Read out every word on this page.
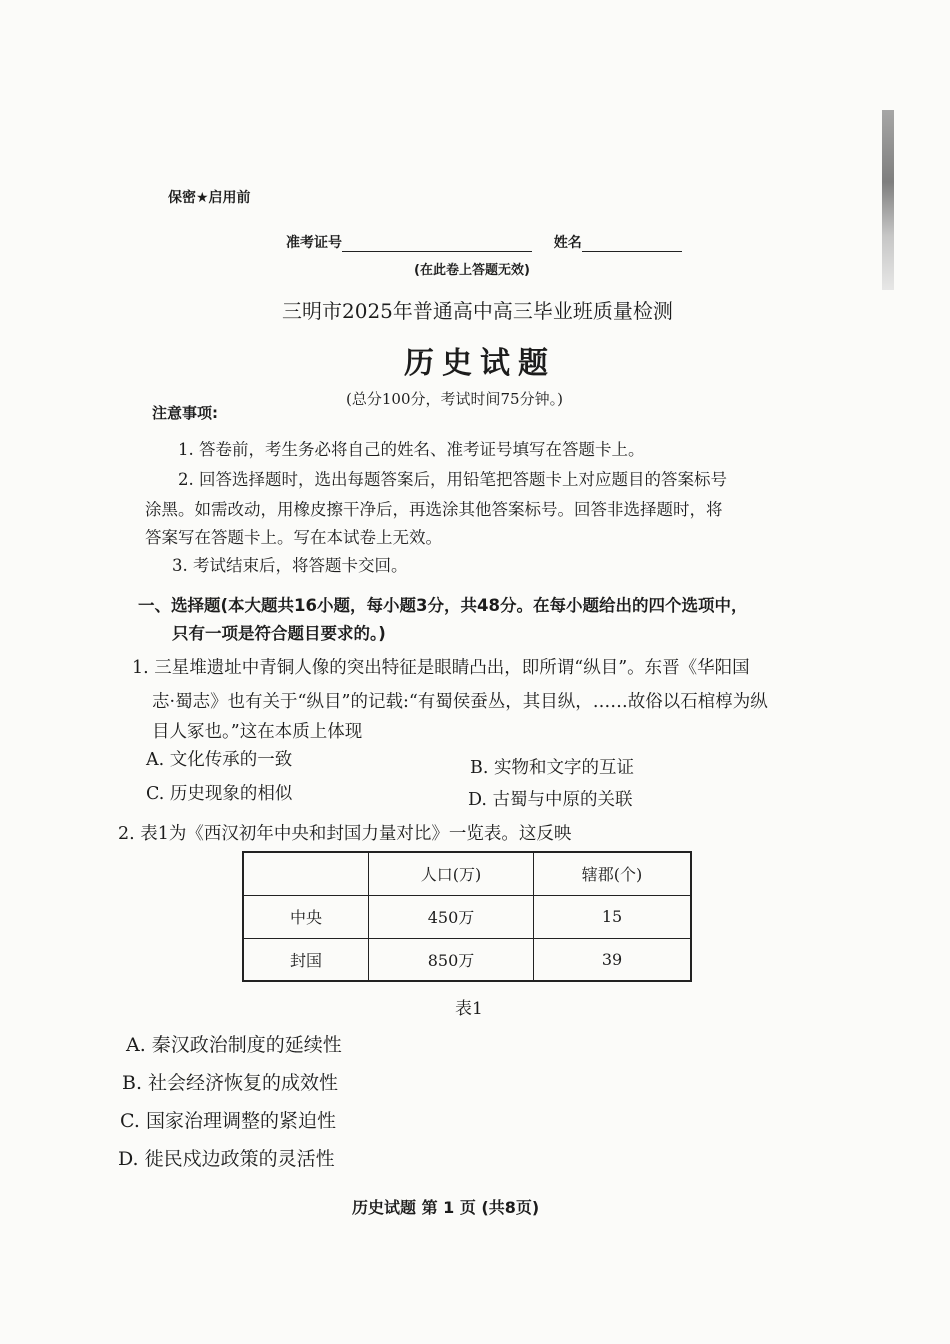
保密★启用前
准考证号	姓名
(在此卷上答题无效)
三明市2025年普通高中高三毕业班质量检测
历史试题
(总分100分，考试时间75分钟。)
注意事项:
1. 答卷前，考生务必将自己的姓名、准考证号填写在答题卡上。
2. 回答选择题时，选出每题答案后，用铅笔把答题卡上对应题目的答案标号
涂黑。如需改动，用橡皮擦干净后，再选涂其他答案标号。回答非选择题时，将
答案写在答题卡上。写在本试卷上无效。
3. 考试结束后，将答题卡交回。
一、选择题(本大题共16小题，每小题3分，共48分。在每小题给出的四个选项中，
只有一项是符合题目要求的。)
1. 三星堆遗址中青铜人像的突出特征是眼睛凸出，即所谓“纵目”。东晋《华阳国
志·蜀志》也有关于“纵目”的记载:“有蜀侯蚕丛，其目纵，……故俗以石棺椁为纵
目人冢也。”这在本质上体现
A. 文化传承的一致	B. 实物和文字的互证
C. 历史现象的相似	D. 古蜀与中原的关联
2. 表1为《西汉初年中央和封国力量对比》一览表。这反映
	人口(万)	辖郡(个)
中央	450万	15
封国	850万	39
表1
A. 秦汉政治制度的延续性
B. 社会经济恢复的成效性
C. 国家治理调整的紧迫性
D. 徙民戍边政策的灵活性
历史试题 第 1 页 (共8页)
